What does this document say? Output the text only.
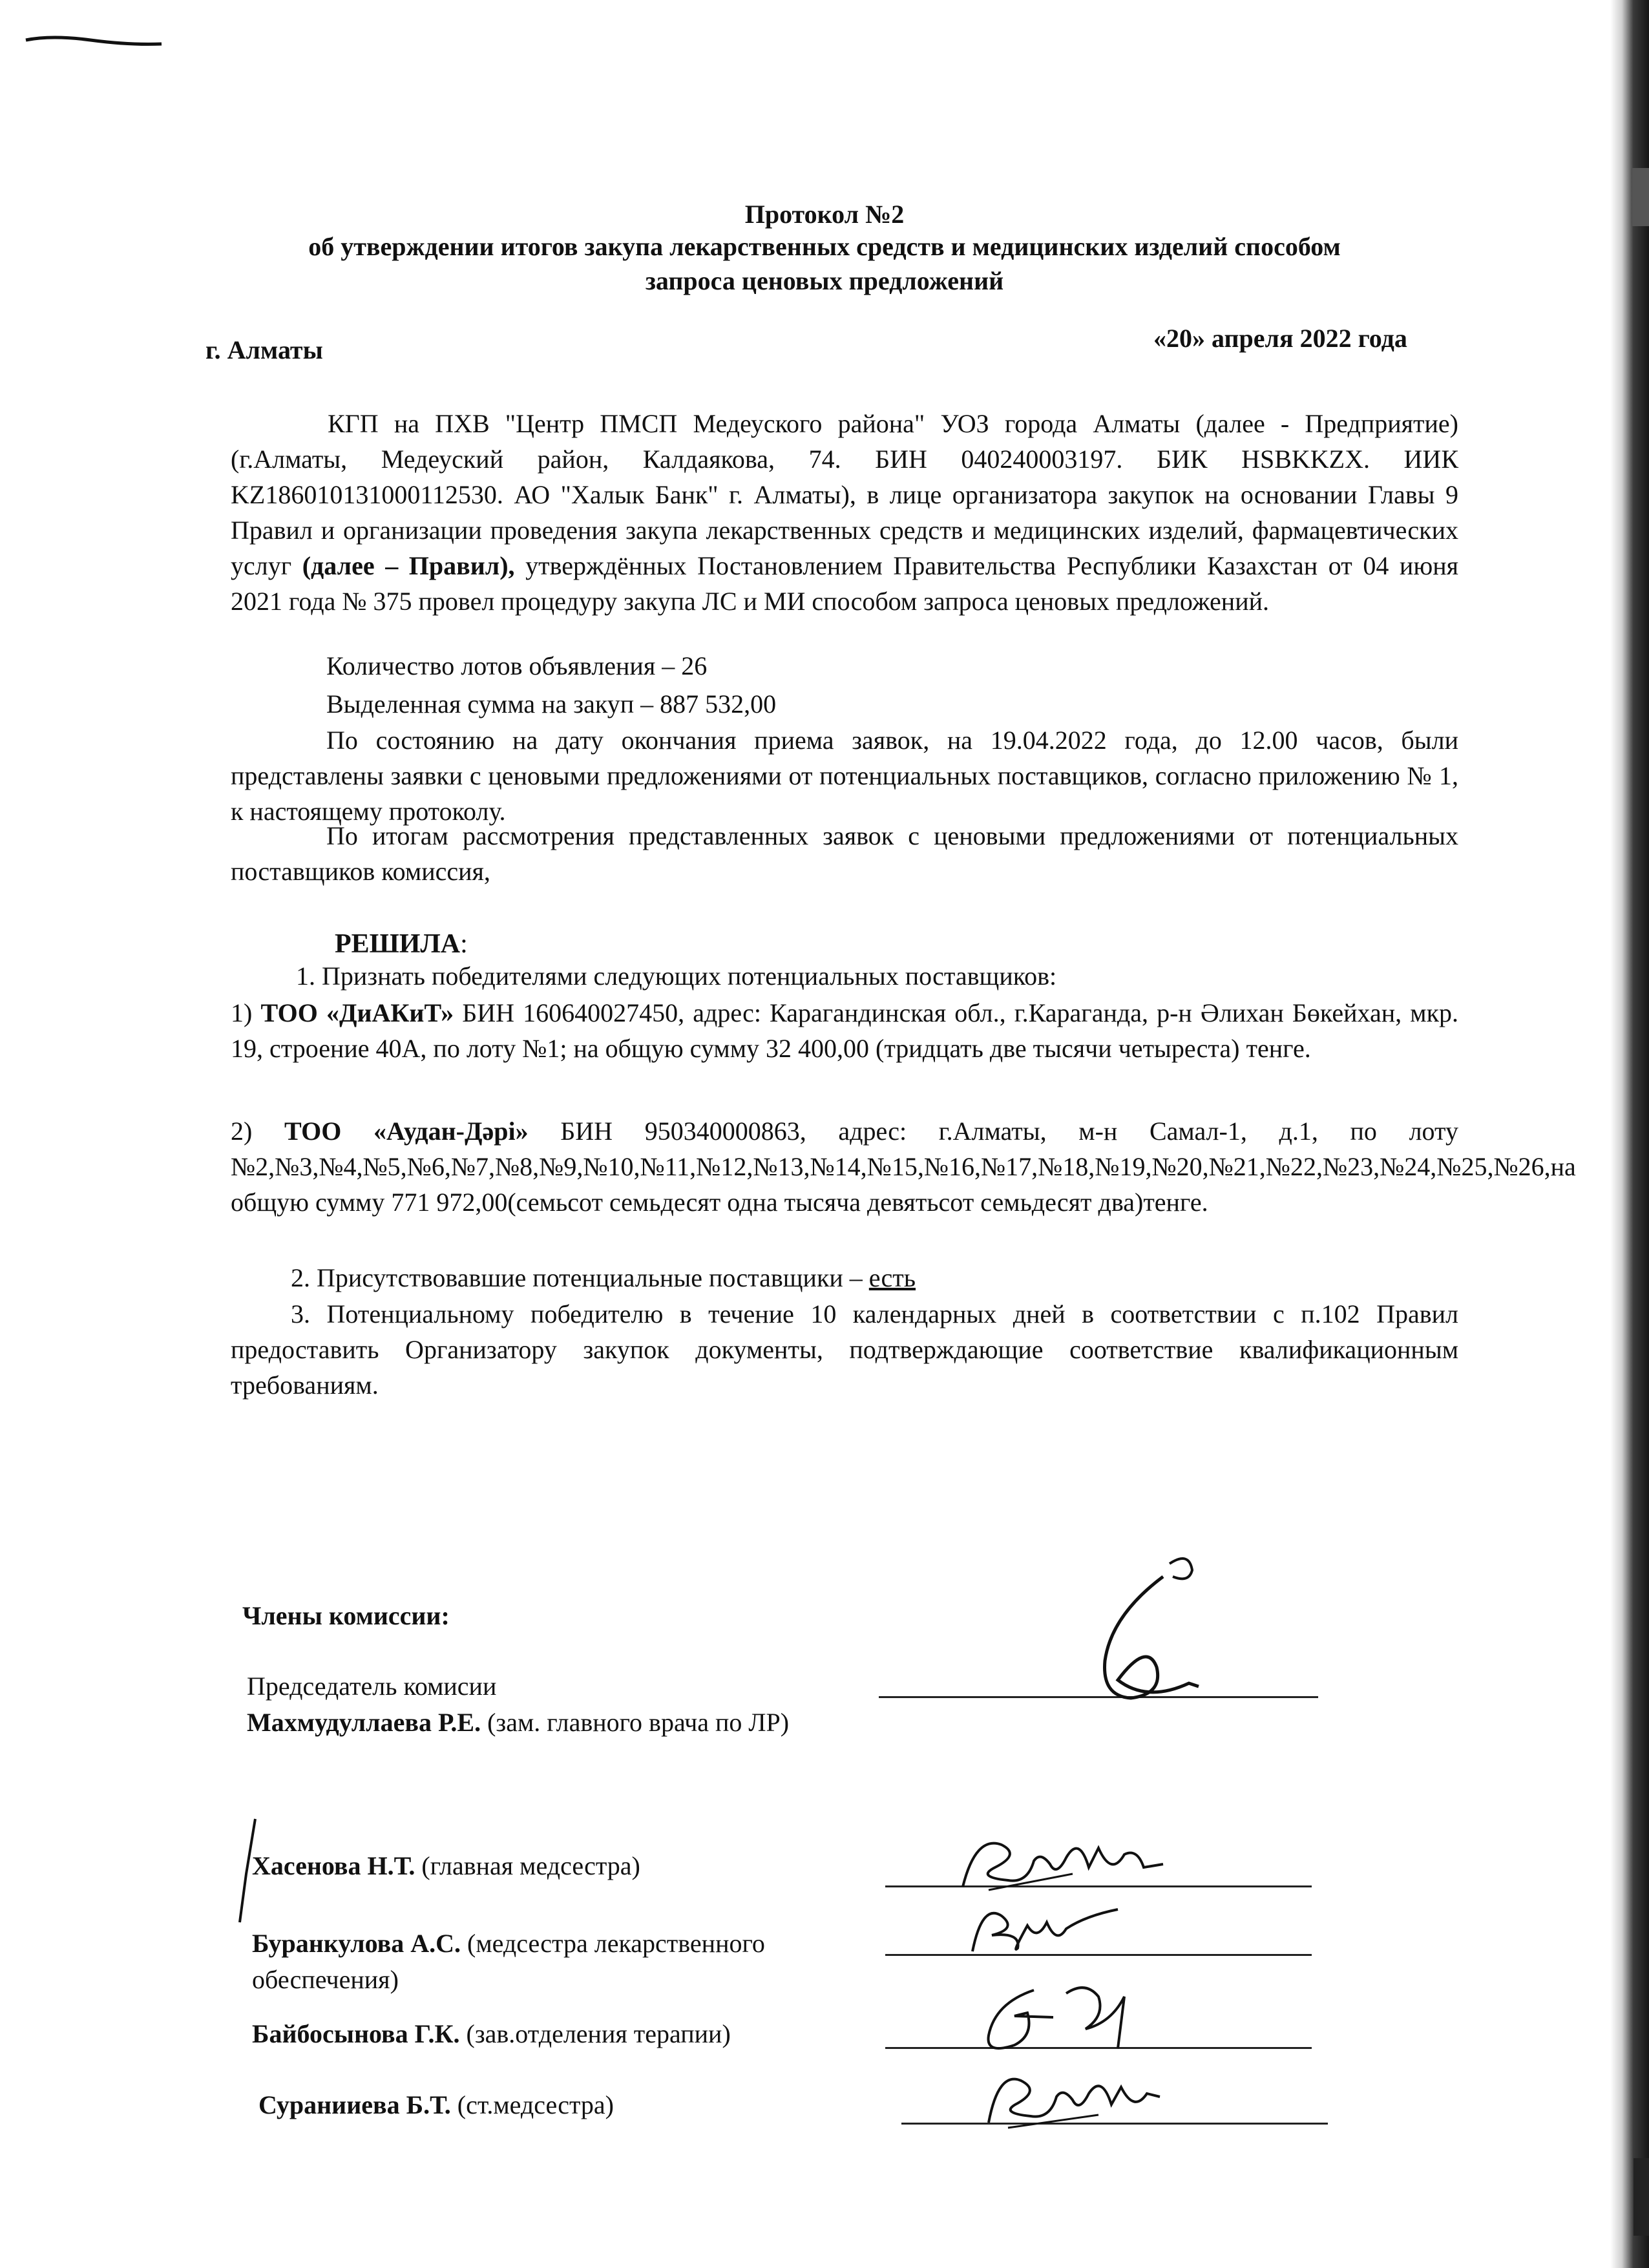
Протокол №2
об утверждении итогов закупа лекарственных средств и медицинских изделий способом
запроса ценовых предложений
г. Алматы	«20» апреля 2022 года
КГП на ПХВ "Центр ПМСП Медеуского района" УОЗ города Алматы (далее - Предприятие) (г.Алматы, Медеуский район, Калдаякова, 74. БИН 040240003197. БИК HSBKKZX. ИИК KZ186010131000112530. АО "Халык Банк" г. Алматы), в лице организатора закупок на основании Главы 9 Правил и организации проведения закупа лекарственных средств и медицинских изделий, фармацевтических услуг (далее – Правил), утверждённых Постановлением Правительства Республики Казахстан от 04 июня 2021 года № 375 провел процедуру закупа ЛС и МИ способом запроса ценовых предложений.
Количество лотов объявления – 26
Выделенная сумма на закуп – 887 532,00
По состоянию на дату окончания приема заявок, на 19.04.2022 года, до 12.00 часов, были представлены заявки с ценовыми предложениями от потенциальных поставщиков, согласно приложению № 1, к настоящему протоколу.
По итогам рассмотрения представленных заявок с ценовыми предложениями от потенциальных поставщиков комиссия,
РЕШИЛА:
1. Признать победителями следующих потенциальных поставщиков:
1) ТОО «ДиАКиТ» БИН 160640027450, адрес: Карагандинская обл., г.Караганда, р-н Әлихан Бөкейхан, мкр. 19, строение 40А, по лоту №1; на общую сумму 32 400,00 (тридцать две тысячи четыреста) тенге.
2) ТОО «Аудан-Дәрі» БИН 950340000863, адрес: г.Алматы, м-н Самал-1, д.1, по лоту №2,№3,№4,№5,№6,№7,№8,№9,№10,№11,№12,№13,№14,№15,№16,№17,№18,№19,№20,№21,№22,№23,№24,№25,№26,на общую сумму 771 972,00(семьсот семьдесят одна тысяча девятьсот семьдесят два)тенге.
2. Присутствовавшие потенциальные поставщики – есть
3. Потенциальному победителю в течение 10 календарных дней в соответствии с п.102 Правил предоставить Организатору закупок документы, подтверждающие соответствие квалификационным требованиям.
Члены комиссии:
Председатель комисии
Махмудуллаева Р.Е. (зам. главного врача по ЛР)
Хасенова Н.Т. (главная медсестра)
Буранкулова А.С. (медсестра лекарственного обеспечения)
Байбосынова Г.К. (зав.отделения терапии)
Суранииева Б.Т. (ст.медсестра)
